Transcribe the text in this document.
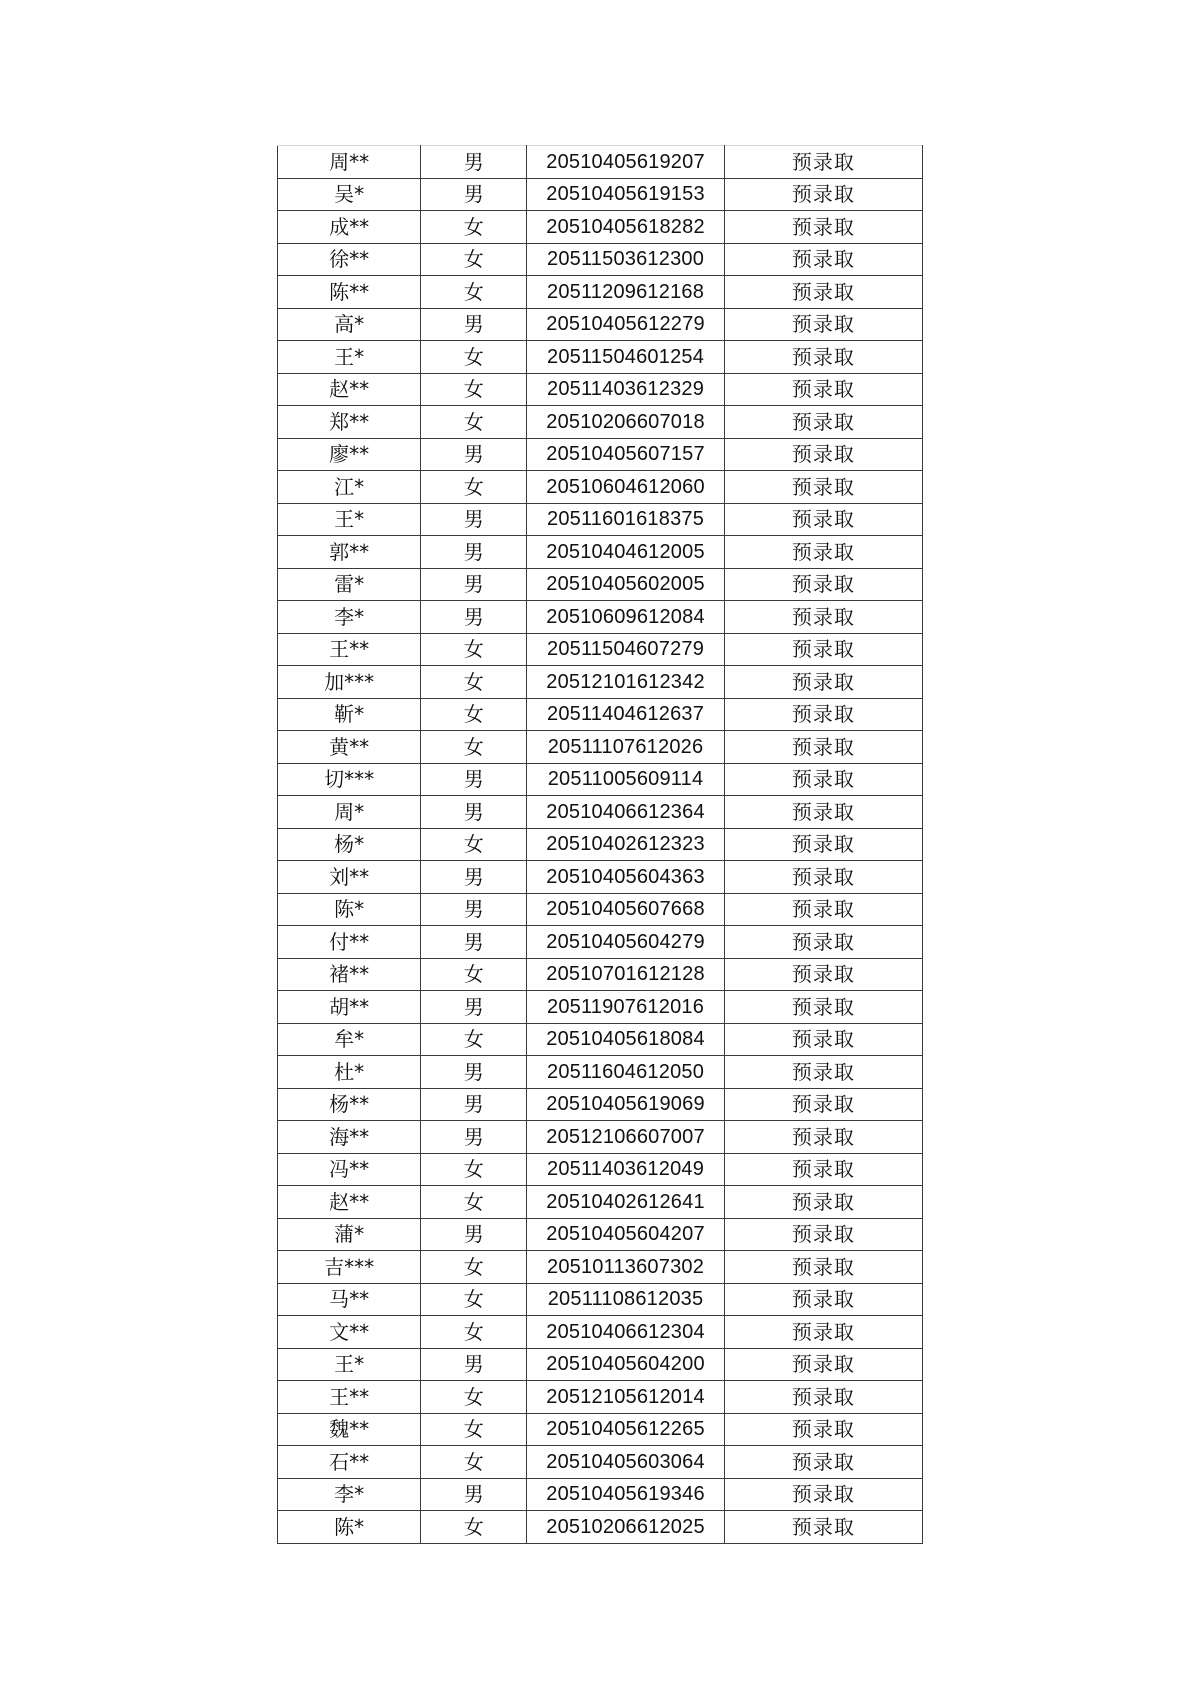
周**	男	20510405619207	预录取
吴*	男	20510405619153	预录取
成**	女	20510405618282	预录取
徐**	女	20511503612300	预录取
陈**	女	20511209612168	预录取
高*	男	20510405612279	预录取
王*	女	20511504601254	预录取
赵**	女	20511403612329	预录取
郑**	女	20510206607018	预录取
廖**	男	20510405607157	预录取
江*	女	20510604612060	预录取
王*	男	20511601618375	预录取
郭**	男	20510404612005	预录取
雷*	男	20510405602005	预录取
李*	男	20510609612084	预录取
王**	女	20511504607279	预录取
加***	女	20512101612342	预录取
靳*	女	20511404612637	预录取
黄**	女	20511107612026	预录取
切***	男	20511005609114	预录取
周*	男	20510406612364	预录取
杨*	女	20510402612323	预录取
刘**	男	20510405604363	预录取
陈*	男	20510405607668	预录取
付**	男	20510405604279	预录取
褚**	女	20510701612128	预录取
胡**	男	20511907612016	预录取
牟*	女	20510405618084	预录取
杜*	男	20511604612050	预录取
杨**	男	20510405619069	预录取
海**	男	20512106607007	预录取
冯**	女	20511403612049	预录取
赵**	女	20510402612641	预录取
蒲*	男	20510405604207	预录取
吉***	女	20510113607302	预录取
马**	女	20511108612035	预录取
文**	女	20510406612304	预录取
王*	男	20510405604200	预录取
王**	女	20512105612014	预录取
魏**	女	20510405612265	预录取
石**	女	20510405603064	预录取
李*	男	20510405619346	预录取
陈*	女	20510206612025	预录取
